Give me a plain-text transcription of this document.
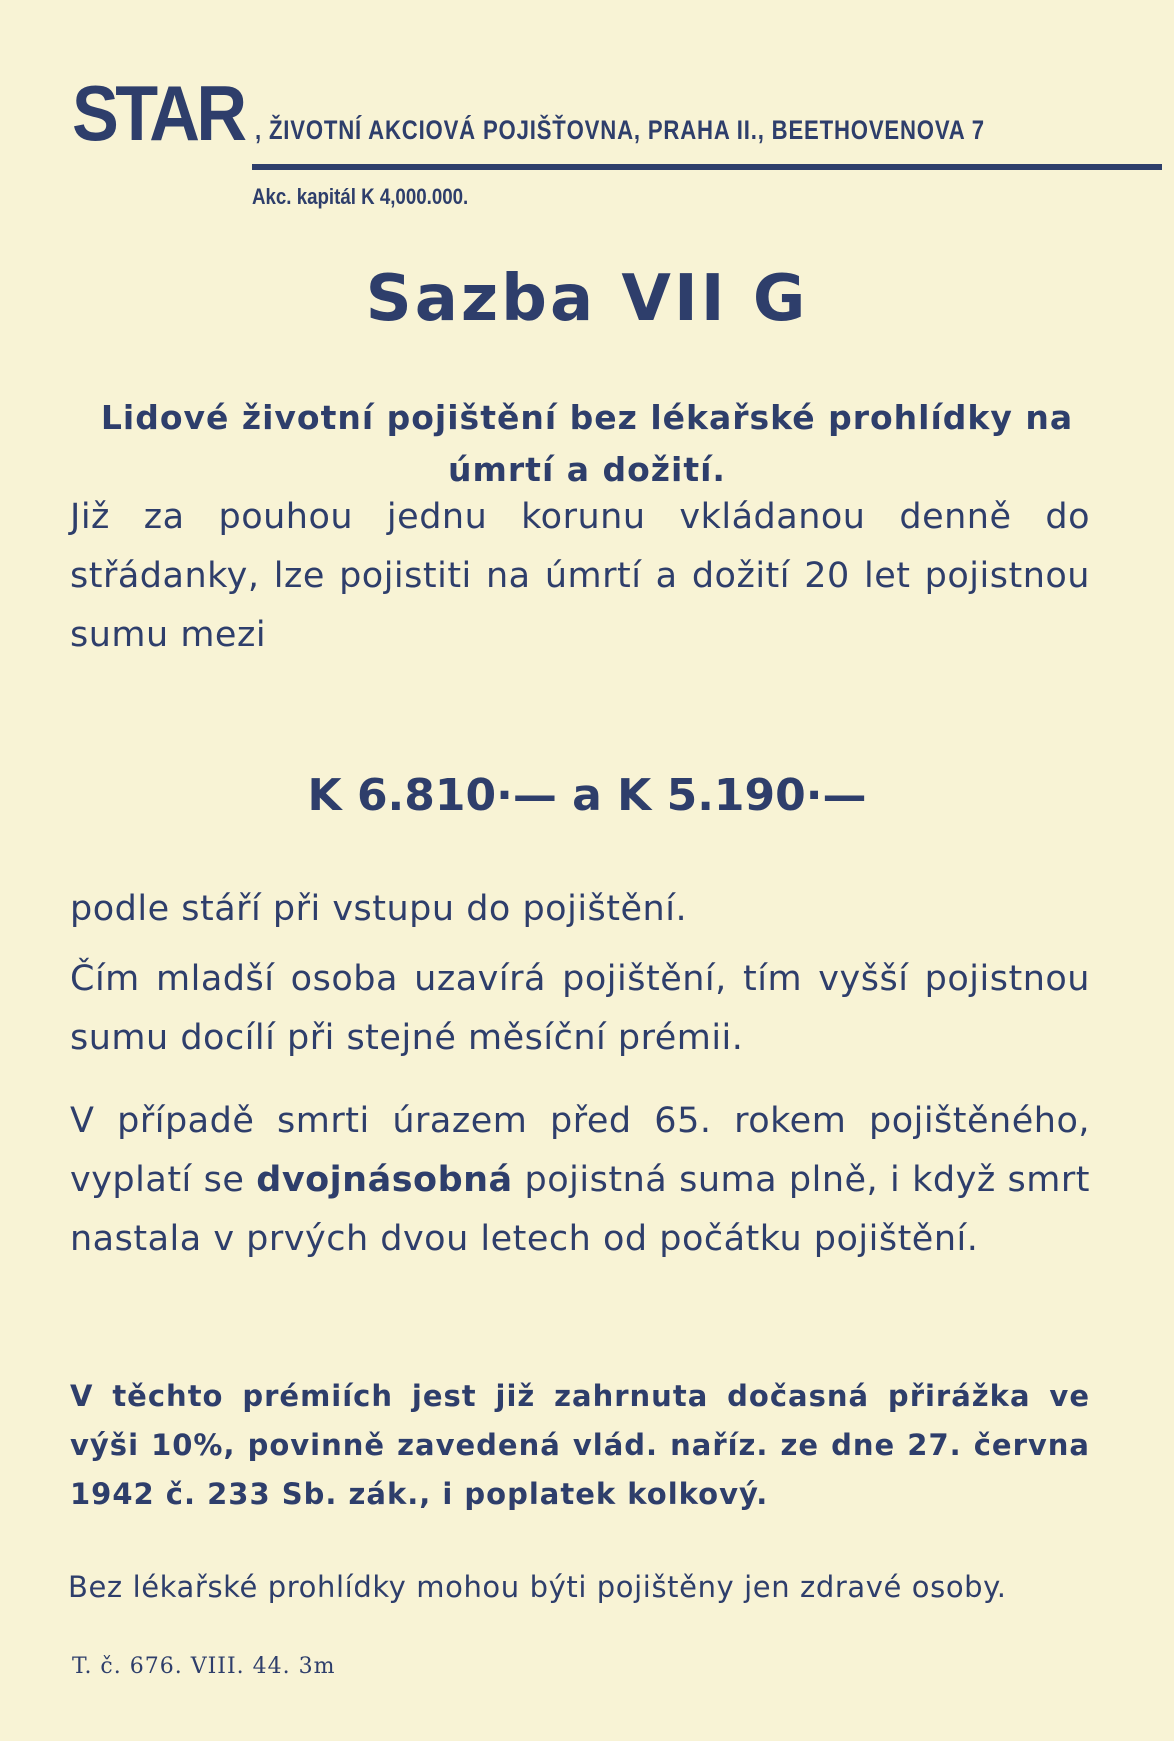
STAR , ŽIVOTNÍ AKCIOVÁ POJIŠŤOVNA, PRAHA II., BEETHOVENOVA 7
Akc. kapitál K 4,000.000.
Sazba VII G
Lidové životní pojištění bez lékařské prohlídky na úmrtí a dožití.
Již za pouhou jednu korunu vkládanou denně do střádanky, lze pojistiti na úmrtí a dožití 20 let pojistnou sumu mezi
K 6.810·— a K 5.190·—
podle stáří při vstupu do pojištění.
Čím mladší osoba uzavírá pojištění, tím vyšší pojistnou sumu docílí při stejné měsíční prémii.
V případě smrti úrazem před 65. rokem pojištěného, vyplatí se dvojnásobná pojistná suma plně, i když smrt nastala v prvých dvou letech od počátku pojištění.
V těchto prémiích jest již zahrnuta dočasná přirážka ve výši 10%, povinně zavedená vlád. naříz. ze dne 27. června 1942 č. 233 Sb. zák., i poplatek kolkový.
Bez lékařské prohlídky mohou býti pojištěny jen zdravé osoby.
T. č. 676. VIII. 44. 3m
